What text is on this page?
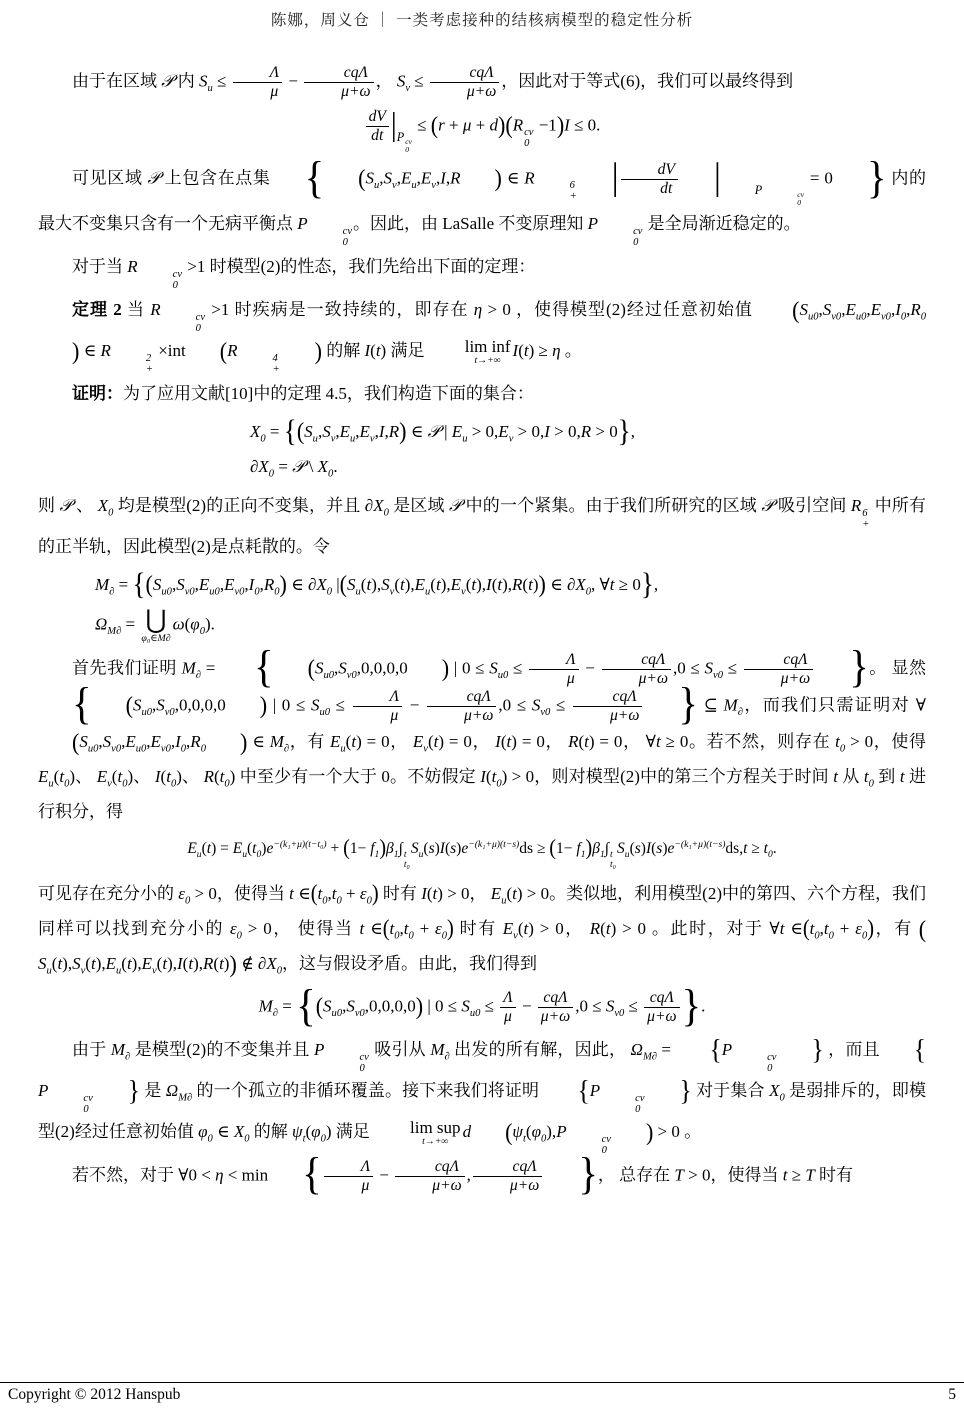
陈娜，周义仓 ｜ 一类考虑接种的结核病模型的稳定性分析
由于在区域 𝒫 内 $S_u \le \frac{\Lambda}{\mu} - \frac{\text{cqΛ}}{\mu+\omega}$ ， $S_v \le \frac{\text{cqΛ}}{\mu+\omega}$ ，因此对于等式(6)，我们可以最终得到
$\frac{dV}{dt} |P$ cv
0
≤ (r + μ + d)(R cv
0
−1)I ≤ 0.
可见区域 𝒫 上包含在点集 { ($S_u,S_v,E_u,E_v,I,R$ ) ∈ R	6
+ | $\frac{dV}{dt}$ |	P	cv
0
= 0 } 内的最大不变集只含有一个无病平衡点 P	cv
0
。因此，由 LaSalle 不变原理知 P	cv
0
是全局渐近稳定的。
对于当 R	cv
0
>1 时模型(2)的性态，我们先给出下面的定理：
定理 2 当 R	cv
0
>1 时疾病是一致持续的，即存在 η > 0 ，使得模型(2)经过任意初始值 $(S_{u0},S_{v0},E_{u0},E_{v0},I_0,R_0)$ ∈ R	2
+
×int (R	4
+
) 的解 I(t) 满足	lim inf
t→+∞
I(t) ≥ η 。
证明：为了应用文献[10]中的定理 4.5，我们构造下面的集合：
$X_0 = \{(S_u,S_v,E_u,E_v,I,R)$ ∈ 𝒫 | $E_u > 0,E_v > 0,I > 0,R > 0$},
$\partial X_0$ = 𝒫 \ $X_0$.
则 𝒫 、 $X_0$ 均是模型(2)的正向不变集，并且 $\partial X_0$ 是区域 𝒫 中的一个紧集。由于我们所研究的区域 𝒫 吸引空间 R 6
+
中所有的正半轨，因此模型(2)是点耗散的。令
$M_\partial = \{(S_{u0},S_{v0},E_{u0},E_{v0},I_0,R_0)$ ∈ $\partial X_0$ $|(S_u(t),S_v(t),E_u(t),E_v(t),I(t),R(t))$ ∈ $\partial X_0$, ∀t ≥ 0},
$\Omega_{M\partial}$ = ⋃
φ₀∈M∂
$\omega(\varphi_0)$.
首先我们证明 $M_\partial$ = { ($S_{u0},S_{v0},0,0,0,0$ ) | $0 \le S_{u0} \le \frac{\Lambda}{\mu} - \frac{\text{cqΛ}}{\mu+\omega} ,0 \le S_{v0} \le \frac{\text{cqΛ}}{\mu+\omega}$ }。 显然{ ($S_{u0},S_{v0},0,0,0,0$ ) | $0 \le S_{u0} \le \frac{\Lambda}{\mu} - \frac{\text{cqΛ}}{\mu+\omega} ,0 \le S_{v0} \le \frac{\text{cqΛ}}{\mu+\omega}$ } ⊆ $M_\partial$，而我们只需证明对 $\forall(S_{u0},S_{v0},E_{u0},E_{v0},I_0,R_0$ ) ∈ $M_\partial$，有 $E_u(t) = 0$， $E_v(t) = 0$， I(t) = 0， R(t) = 0， ∀t ≥ 0。若不然，则存在 $t_0 > 0$，使得 $E_u(t_0)$、 $E_v(t_0)$、 $I(t_0)$、 $R(t_0)$ 中至少有一个大于 0。不妨假定 $I(t_0) > 0$，则对模型(2)中的第三个方程关于时间 t 从 $t_0$ 到 t 进行积分，得
$E_u(t) = E_u(t_0)e^{-(k_1+\mu)(t-t_0)} + (1- f_1)\beta_1\int$ t
t₀
$S_u(s)I(s)e^{-(k_1+\mu)(t-s)}ds \ge (1- f_1)\beta_1\int$ t
t₀
$S_u(s)I(s)e^{-(k_1+\mu)(t-s)}ds,t \ge t_0$.
可见存在充分小的 $\varepsilon_0 > 0$，使得当 t $\in(t_0,t_0 + \varepsilon_0)$ 时有 I(t) > 0， $E_u(t) > 0$。类似地，利用模型(2)中的第四、六个方程，我们同样可以找到充分小的 $\varepsilon_0 > 0$， 使得当 t $\in(t_0,t_0 + \varepsilon_0)$ 时有 $E_v(t) > 0$， R(t) > 0 。此时，对于 ∀t $\in(t_0,t_0 + \varepsilon_0)$，有 $(S_u(t),S_v(t),E_u(t),E_v(t),I(t),R(t))$ ∉ $\partial X_0$，这与假设矛盾。由此，我们得到
$M_\partial = \{(S_{u0},S_{v0},0,0,0,0)$ | $0 \le S_{u0} \le \frac{\Lambda}{\mu} - \frac{\text{cqΛ}}{\mu+\omega} ,0 \le S_{v0} \le \frac{\text{cqΛ}}{\mu+\omega}$ }.
由于 $M_\partial$ 是模型(2)的不变集并且 P	cv
0
吸引从 $M_\partial$ 出发的所有解，因此， $\Omega_{M\partial} = \{P$	cv
0
} ，而且 {P	cv
0
} 是 $\Omega_{M\partial}$ 的一个孤立的非循环覆盖。接下来我们将证明 {P	cv
0
} 对于集合 $X_0$ 是弱排斥的，即模型(2)经过任意初始值 $\varphi_0$ ∈ $X_0$ 的解 $\psi_t(\varphi_0)$ 满足	lim sup
t→+∞
d ($\psi_t(\varphi_0),P$	cv
0
) > 0 。
若不然，对于 ∀0 < η < min { $\frac{\Lambda}{\mu} - \frac{\text{cqΛ}}{\mu+\omega}$ , $\frac{\text{cqΛ}}{\mu+\omega}$ }， 总存在 T > 0，使得当 t ≥ T 时有
Copyright © 2012 Hanspub	5
